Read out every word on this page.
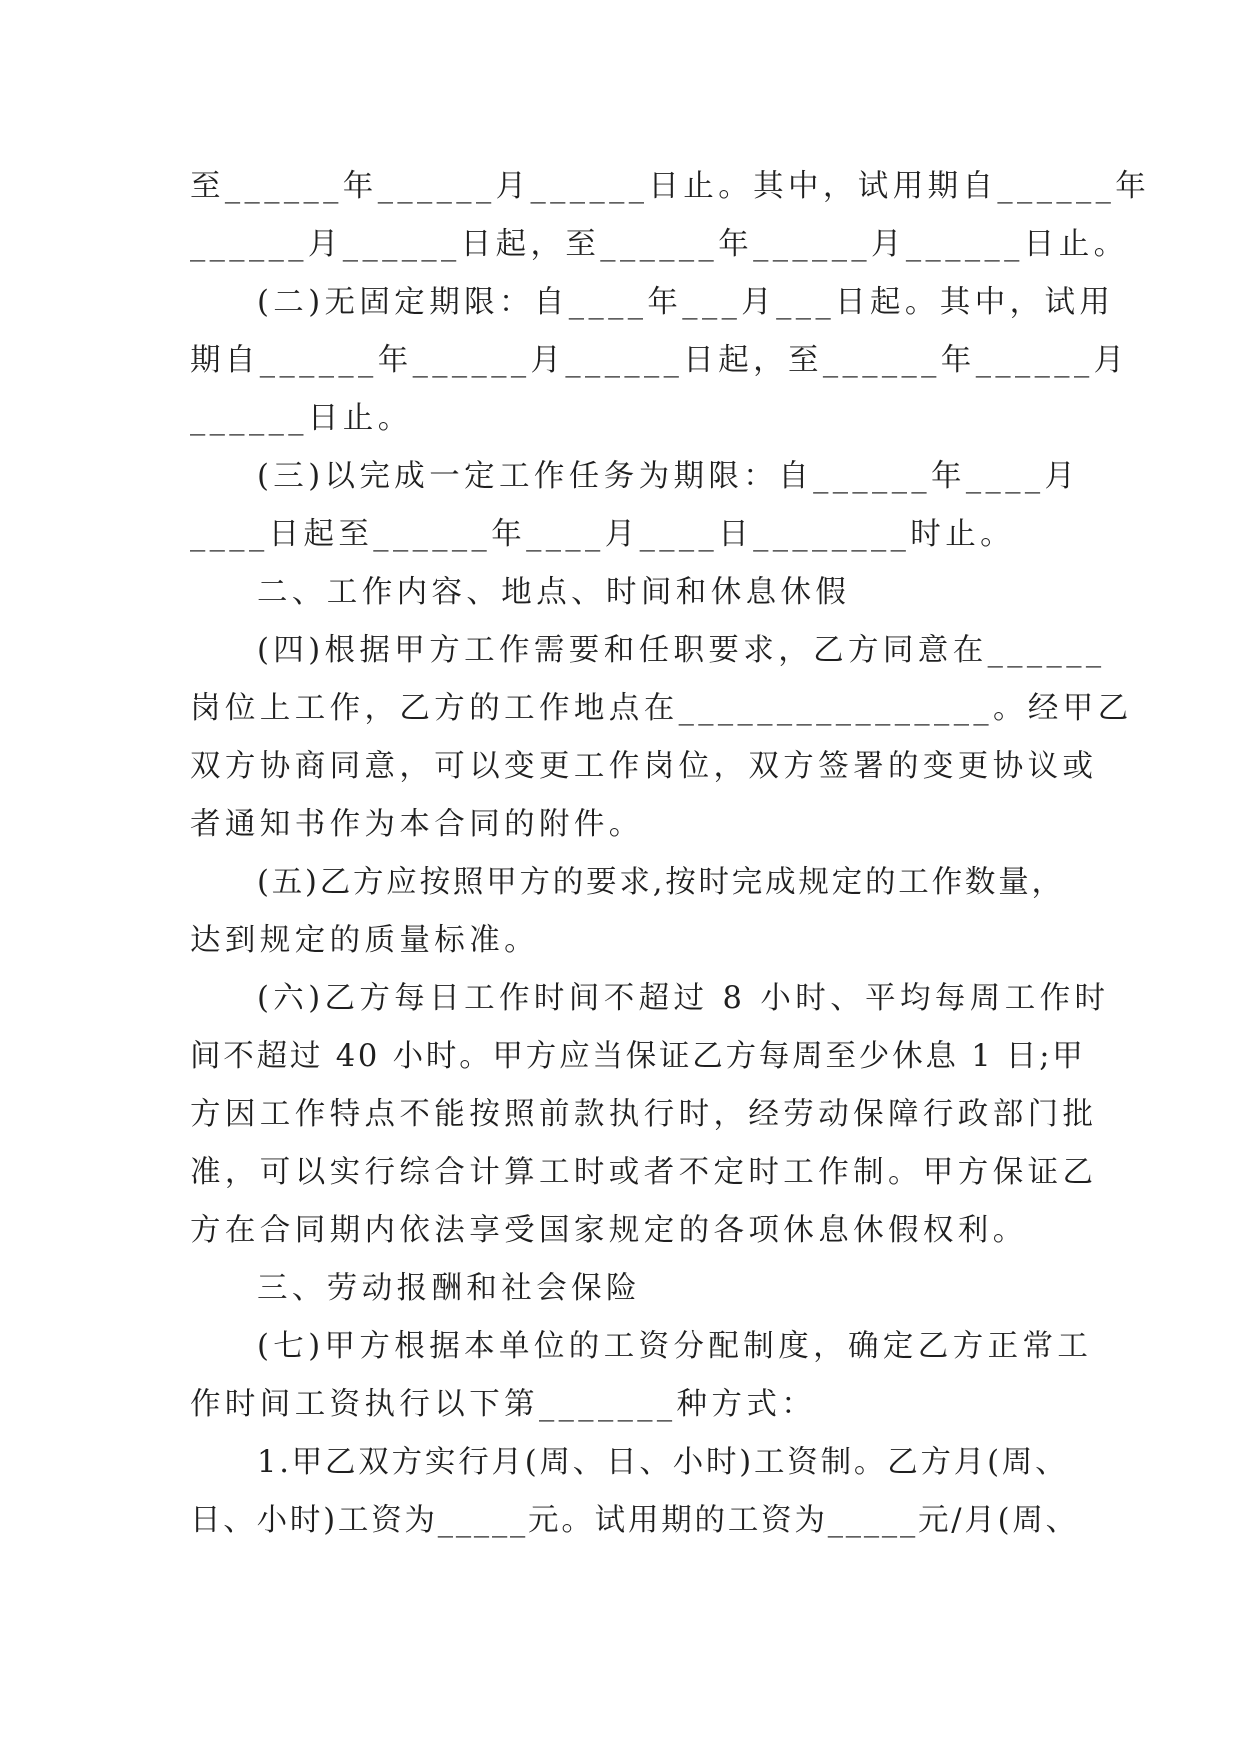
至______年______月______日止。其中，试用期自______年
______月______日起，至______年______月______日止。
(二)无固定期限：自____年___月___日起。其中，试用
期自______年______月______日起，至______年______月
______日止。
(三)以完成一定工作任务为期限：自______年____月
____日起至______年____月____日________时止。
二、工作内容、地点、时间和休息休假
(四)根据甲方工作需要和任职要求，乙方同意在______
岗位上工作，乙方的工作地点在________________。经甲乙
双方协商同意，可以变更工作岗位，双方签署的变更协议或
者通知书作为本合同的附件。
(五)乙方应按照甲方的要求,按时完成规定的工作数量，
达到规定的质量标准。
(六)乙方每日工作时间不超过 8 小时、平均每周工作时
间不超过 40 小时。甲方应当保证乙方每周至少休息 1 日;甲
方因工作特点不能按照前款执行时，经劳动保障行政部门批
准，可以实行综合计算工时或者不定时工作制。甲方保证乙
方在合同期内依法享受国家规定的各项休息休假权利。
三、劳动报酬和社会保险
(七)甲方根据本单位的工资分配制度，确定乙方正常工
作时间工资执行以下第_______种方式：
1.甲乙双方实行月(周、日、小时)工资制。乙方月(周、
日、小时)工资为_____元。试用期的工资为_____元/月(周、
